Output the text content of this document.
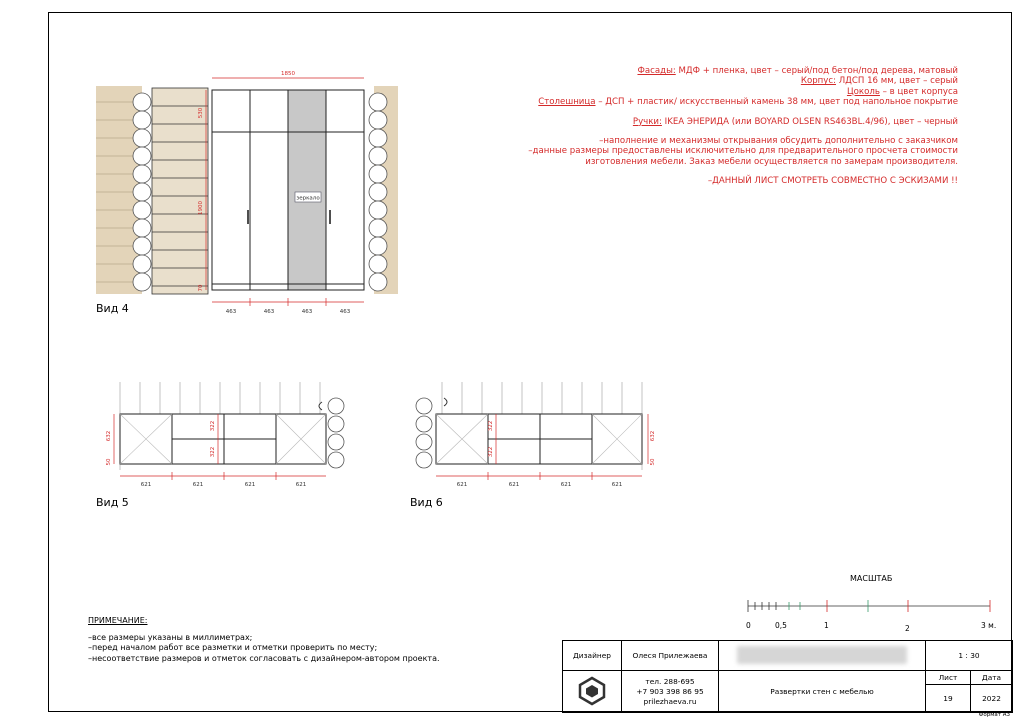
Фасады: МДФ + пленка, цвет – серый/под бетон/под дерева, матовый
Корпус: ЛДСП 16 мм, цвет – серый
Цоколь – в цвет корпуса
Столешница – ДСП + пластик/ искусственный камень 38 мм, цвет под напольное покрытие
Ручки: IKEA ЭНЕРИДА (или BOYARD OLSEN RS463BL.4/96), цвет – черный
–наполнение и механизмы открывания обсудить дополнительно с заказчиком
–данные размеры предоставлены исключительно для предварительного просчета стоимости
изготовления мебели. Заказ мебели осуществляется по замерам производителя.
–ДАННЫЙ ЛИСТ СМОТРЕТЬ СОВМЕСТНО С ЭСКИЗАМИ !!
зеркало
1850
530
1900
70
463	463	463	463
Вид 4
621	621	621	621
322
322
632
50
Вид 5
621	621	621	621
322
322
632
50
Вид 6
МАСШТАБ
0	0,5	1	2	3 м.
ПРИМЕЧАНИЕ:
–все размеры указаны в миллиметрах;
–перед началом работ все разметки и отметки проверить по месту;
–несоответствие размеров и отметок согласовать с дизайнером-автором проекта.	Дизайнер	Олеся Прилежаева		1 : 30	

тел. 288-695
+7 903 398 86 95
prilezhaeva.ru	Развертки стен с мебелью	Лист	Дата
			19	2022
Формат А3
